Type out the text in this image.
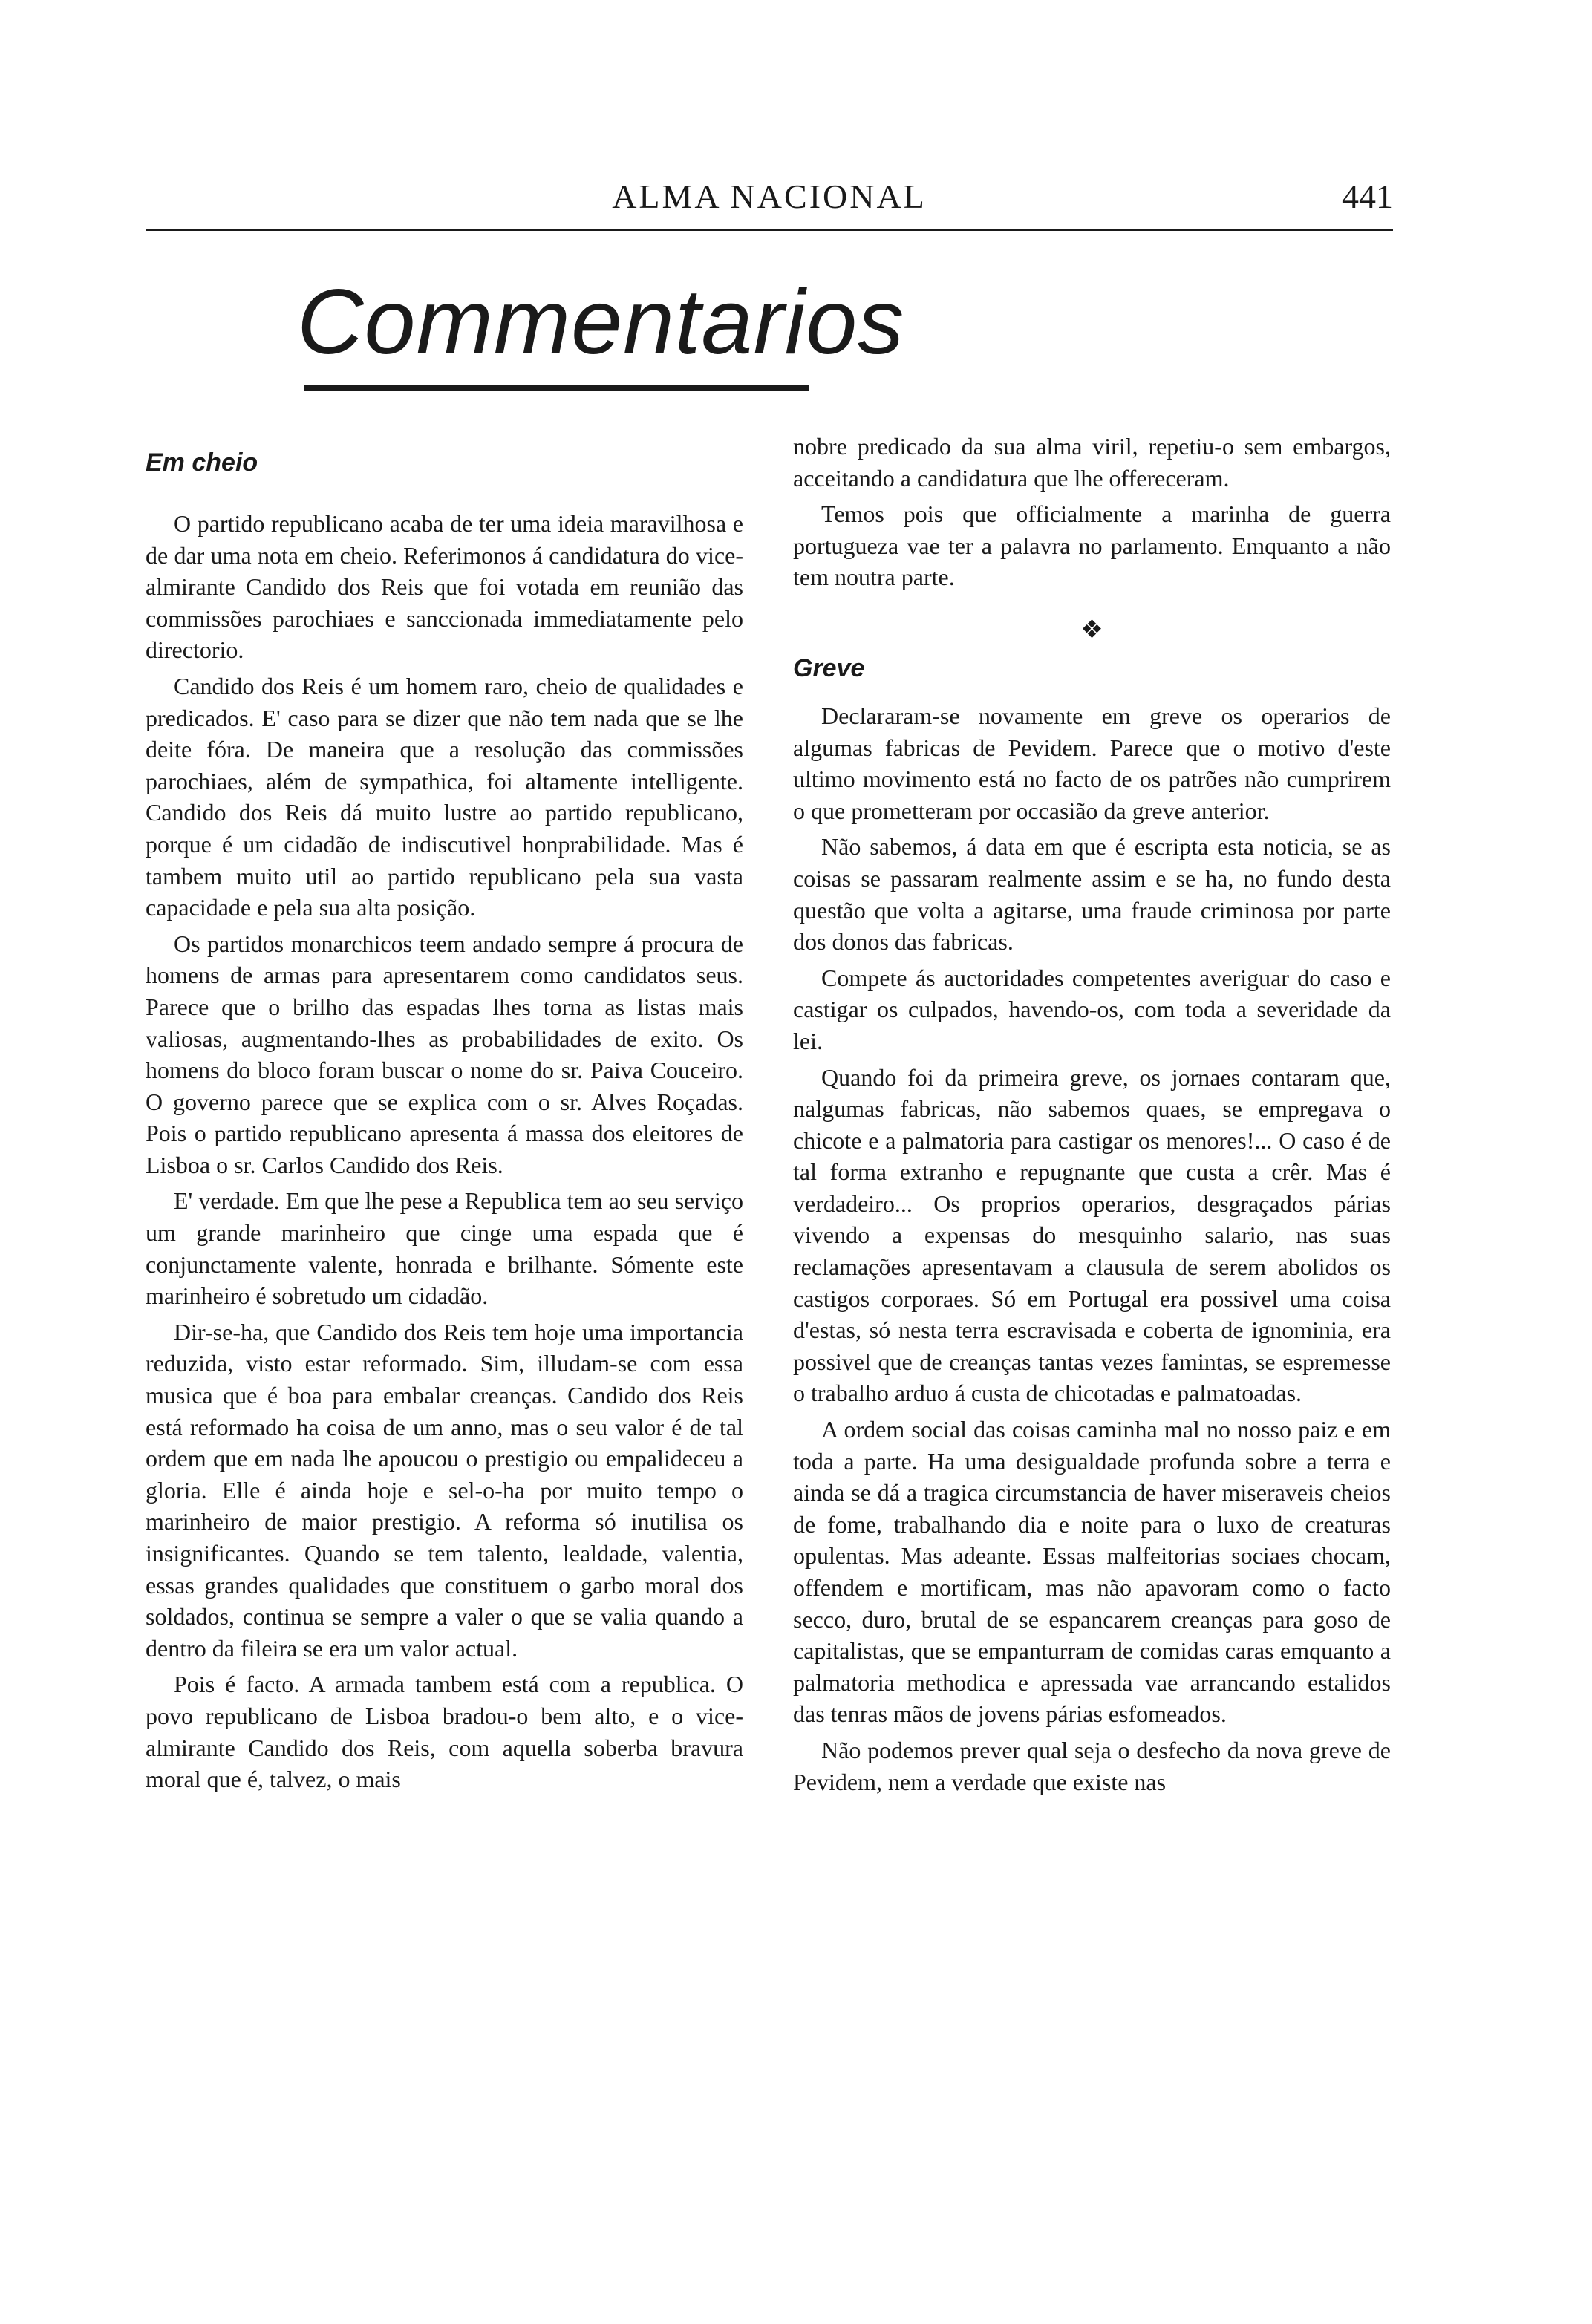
ALMA NACIONAL	441
Commentarios
Em cheio

O partido republicano acaba de ter uma ideia maravilhosa e de dar uma nota em cheio. Referimonos á candidatura do vice-almirante Candido dos Reis que foi votada em reunião das commissões parochiaes e sanccionada immediatamente pelo directorio.

Candido dos Reis é um homem raro, cheio de qualidades e predicados. E' caso para se dizer que não tem nada que se lhe deite fóra. De maneira que a resolução das commissões parochiaes, além de sympathica, foi altamente intelligente. Candido dos Reis dá muito lustre ao partido republicano, porque é um cidadão de indiscutivel honprabilidade. Mas é tambem muito util ao partido republicano pela sua vasta capacidade e pela sua alta posição.

Os partidos monarchicos teem andado sempre á procura de homens de armas para apresentarem como candidatos seus. Parece que o brilho das espadas lhes torna as listas mais valiosas, augmentando-lhes as probabilidades de exito. Os homens do bloco foram buscar o nome do sr. Paiva Couceiro. O governo parece que se explica com o sr. Alves Roçadas. Pois o partido republicano apresenta á massa dos eleitores de Lisboa o sr. Carlos Candido dos Reis.

E' verdade. Em que lhe pese a Republica tem ao seu serviço um grande marinheiro que cinge uma espada que é conjunctamente valente, honrada e brilhante. Sómente este marinheiro é sobretudo um cidadão.

Dir-se-ha, que Candido dos Reis tem hoje uma importancia reduzida, visto estar reformado. Sim, illudam-se com essa musica que é boa para embalar creanças. Candido dos Reis está reformado ha coisa de um anno, mas o seu valor é de tal ordem que em nada lhe apoucou o prestigio ou empalideceu a gloria. Elle é ainda hoje e sel-o-ha por muito tempo o marinheiro de maior prestigio. A reforma só inutilisa os insignificantes. Quando se tem talento, lealdade, valentia, essas grandes qualidades que constituem o garbo moral dos soldados, continua se sempre a valer o que se valia quando a dentro da fileira se era um valor actual.

Pois é facto. A armada tambem está com a republica. O povo republicano de Lisboa bradou-o bem alto, e o vice-almirante Candido dos Reis, com aquella soberba bravura moral que é, talvez, o mais

nobre predicado da sua alma viril, repetiu-o sem embargos, acceitando a candidatura que lhe offereceram.

Temos pois que officialmente a marinha de guerra portugueza vae ter a palavra no parlamento. Emquanto a não tem noutra parte.

❖
Greve

Declararam-se novamente em greve os operarios de algumas fabricas de Pevidem. Parece que o motivo d'este ultimo movimento está no facto de os patrões não cumprirem o que prometteram por occasião da greve anterior.

Não sabemos, á data em que é escripta esta noticia, se as coisas se passaram realmente assim e se ha, no fundo desta questão que volta a agitarse, uma fraude criminosa por parte dos donos das fabricas.

Compete ás auctoridades competentes averiguar do caso e castigar os culpados, havendo-os, com toda a severidade da lei.

Quando foi da primeira greve, os jornaes contaram que, nalgumas fabricas, não sabemos quaes, se empregava o chicote e a palmatoria para castigar os menores!... O caso é de tal forma extranho e repugnante que custa a crêr. Mas é verdadeiro... Os proprios operarios, desgraçados párias vivendo a expensas do mesquinho salario, nas suas reclamações apresentavam a clausula de serem abolidos os castigos corporaes. Só em Portugal era possivel uma coisa d'estas, só nesta terra escravisada e coberta de ignominia, era possivel que de creanças tantas vezes famintas, se espremesse o trabalho arduo á custa de chicotadas e palmatoadas.

A ordem social das coisas caminha mal no nosso paiz e em toda a parte. Ha uma desigualdade profunda sobre a terra e ainda se dá a tragica circumstancia de haver miseraveis cheios de fome, trabalhando dia e noite para o luxo de creaturas opulentas. Mas adeante. Essas malfeitorias sociaes chocam, offendem e mortificam, mas não apavoram como o facto secco, duro, brutal de se espancarem creanças para goso de capitalistas, que se empanturram de comidas caras emquanto a palmatoria methodica e apressada vae arrancando estalidos das tenras mãos de jovens párias esfomeados.

Não podemos prever qual seja o desfecho da nova greve de Pevidem, nem a verdade que existe nas
